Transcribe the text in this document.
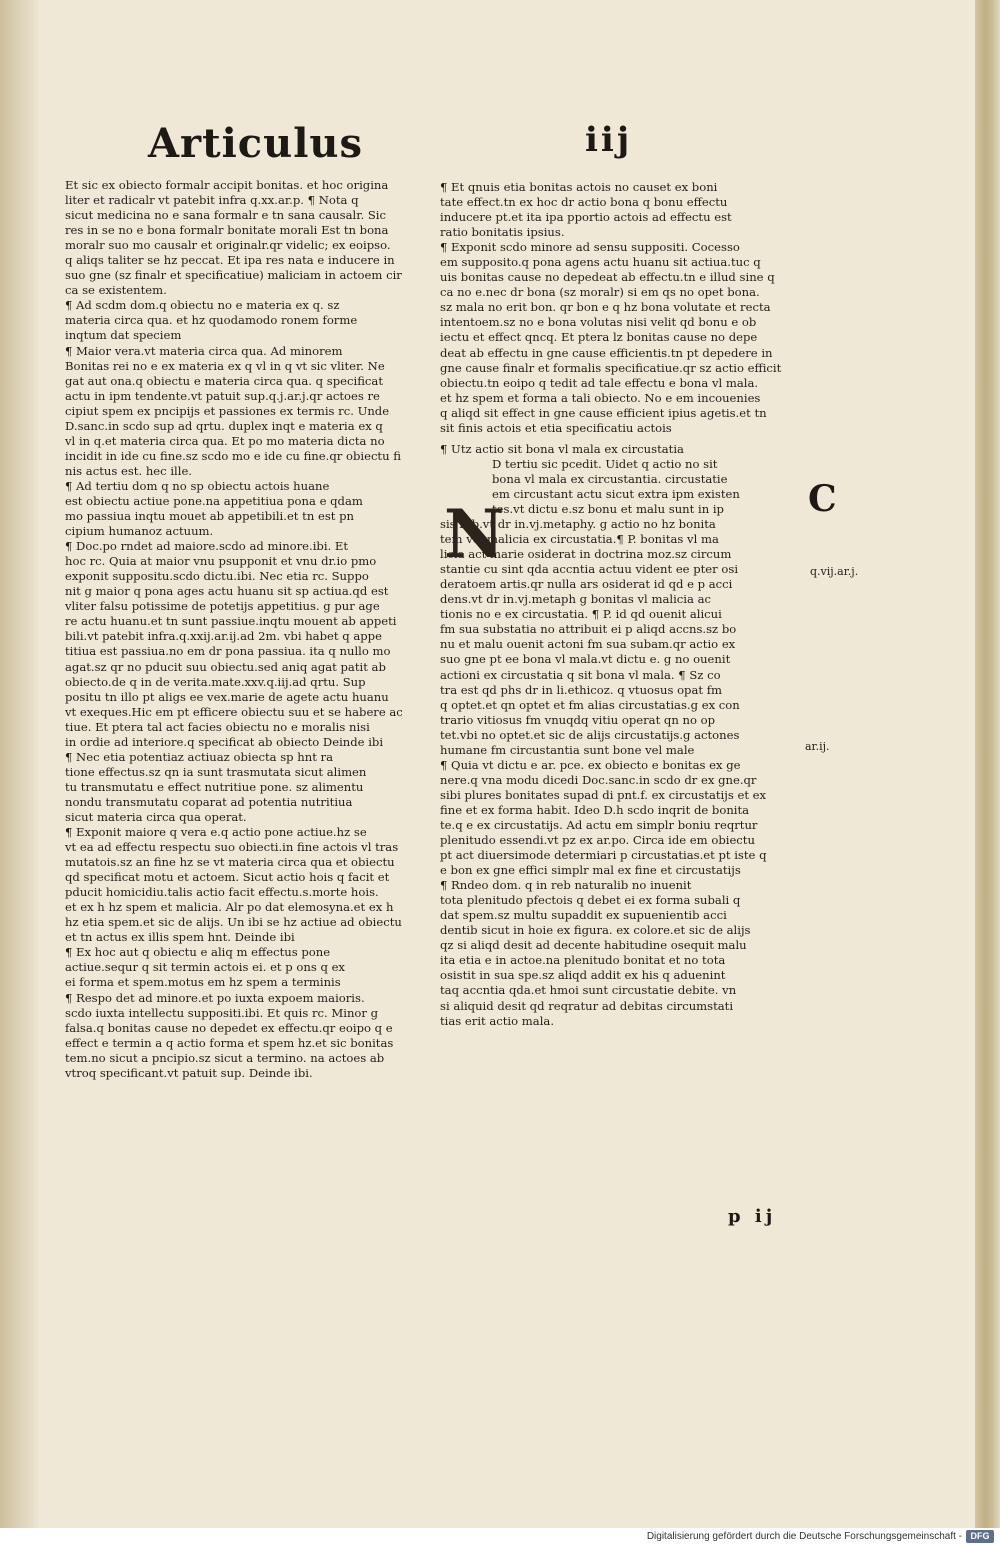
Articulus	iij

Et sic ex obiecto formalr accipit bonitas. et hoc origina

liter et radicalr vt patebit infra q.xx.ar.p. ¶ Nota q

sicut medicina no e sana formalr e tn sana causalr. Sic

res in se no e bona formalr bonitate morali Est tn bona

moralr suo mo causalr et originalr.qr videlic; ex eoipso.

q aliqs taliter se hz peccat. Et ipa res nata e inducere in

suo gne (sz finalr et specificatiue) maliciam in actoem cir

ca se existentem.

¶ Ad scdm dom.q obiectu no e materia ex q. sz

materia circa qua. et hz quodamodo ronem forme

inqtum dat speciem

¶ Maior vera.vt materia circa qua. Ad minorem

Bonitas rei no e ex materia ex q vl in q vt sic vliter. Ne

gat aut ona.q obiectu e materia circa qua. q specificat

actu in ipm tendente.vt patuit sup.q.j.ar.j.qr actoes re

cipiut spem ex pncipijs et passiones ex termis rc. Unde

D.sanc.in scdo sup ad qrtu. duplex inqt e materia ex q

vl in q.et materia circa qua. Et po mo materia dicta no

incidit in ide cu fine.sz scdo mo e ide cu fine.qr obiectu fi

nis actus est. hec ille.

¶ Ad tertiu dom q no sp obiectu actois huane

est obiectu actiue pone.na appetitiua pona e qdam

mo passiua inqtu mouet ab appetibili.et tn est pn

cipium humanoz actuum.

¶ Doc.po rndet ad maiore.scdo ad minore.ibi. Et

hoc rc. Quia at maior vnu psupponit et vnu dr.io pmo

exponit suppositu.scdo dictu.ibi. Nec etia rc. Suppo

nit g maior q pona ages actu huanu sit sp actiua.qd est

vliter falsu potissime de potetijs appetitius. g pur age

re actu huanu.et tn sunt passiue.inqtu mouent ab appeti

bili.vt patebit infra.q.xxij.ar.ij.ad 2m. vbi habet q appe

titiua est passiua.no em dr pona passiua. ita q nullo mo

agat.sz qr no pducit suu obiectu.sed aniq agat patit ab

obiecto.de q in de verita.mate.xxv.q.iij.ad qrtu. Sup

positu tn illo pt aligs ee vex.marie de agete actu huanu

vt exeques.Hic em pt efficere obiectu suu et se habere ac

tiue. Et ptera tal act facies obiectu no e moralis nisi

in ordie ad interiore.q specificat ab obiecto Deinde ibi

¶ Nec etia potentiaz actiuaz obiecta sp hnt ra

tione effectus.sz qn ia sunt trasmutata sicut alimen

tu transmutatu e effect nutritiue pone. sz alimentu

nondu transmutatu coparat ad potentia nutritiua

sicut materia circa qua operat.

¶ Exponit maiore q vera e.q actio pone actiue.hz se

vt ea ad effectu respectu suo obiecti.in fine actois vl tras

mutatois.sz an fine hz se vt materia circa qua et obiectu

qd specificat motu et actoem. Sicut actio hois q facit et

pducit homicidiu.talis actio facit effectu.s.morte hois.

et ex h hz spem et malicia. Alr po dat elemosyna.et ex h

hz etia spem.et sic de alijs. Un ibi se hz actiue ad obiectu

et tn actus ex illis spem hnt. Deinde ibi

¶ Ex hoc aut q obiectu e aliq m effectus pone

actiue.sequr q sit termin actois ei. et p ons q ex

ei forma et spem.motus em hz spem a terminis

¶ Respo det ad minore.et po iuxta expoem maioris.

scdo iuxta intellectu suppositi.ibi. Et quis rc. Minor g

falsa.q bonitas cause no depedet ex effectu.qr eoipo q e

effect e termin a q actio forma et spem hz.et sic bonitas

tem.no sicut a pncipio.sz sicut a termino. na actoes ab

vtroq specificant.vt patuit sup. Deinde ibi.

¶ Et qnuis etia bonitas actois no causet ex boni

tate effect.tn ex hoc dr actio bona q bonu effectu

inducere pt.et ita ipa pportio actois ad effectu est

ratio bonitatis ipsius.

¶ Exponit scdo minore ad sensu suppositi. Cocesso

em supposito.q pona agens actu huanu sit actiua.tuc q

uis bonitas cause no depedeat ab effectu.tn e illud sine q

ca no e.nec dr bona (sz moralr) si em qs no opet bona.

sz mala no erit bon. qr bon e q hz bona volutate et recta

intentoem.sz no e bona volutas nisi velit qd bonu e ob

iectu et effect qncq. Et ptera lz bonitas cause no depe

deat ab effectu in gne cause efficientis.tn pt depedere in

gne cause finalr et formalis specificatiue.qr sz actio efficit

obiectu.tn eoipo q tedit ad tale effectu e bona vl mala.

et hz spem et forma a tali obiecto. No e em incouenies

q aliqd sit effect in gne cause efficient ipius agetis.et tn

sit finis actois et etia specificatiu actois

¶ Utz actio sit bona vl mala ex circustatia

D tertiu sic pcedit. Uidet q actio no sit

bona vl mala ex circustantia. circustatie

em circustant actu sicut extra ipm existen

tes.vt dictu e.sz bonu et malu sunt in ip

sis reb.vt dr in.vj.metaphy. g actio no hz bonita

tem vel malicia ex circustatia.¶ P. bonitas vl ma

licia act marie osiderat in doctrina moz.sz circum

stantie cu sint qda accntia actuu vident ee pter osi

deratoem artis.qr nulla ars osiderat id qd e p acci

dens.vt dr in.vj.metaph g bonitas vl malicia ac

tionis no e ex circustatia. ¶ P. id qd ouenit alicui

fm sua substatia no attribuit ei p aliqd accns.sz bo

nu et malu ouenit actoni fm sua subam.qr actio ex

suo gne pt ee bona vl mala.vt dictu e. g no ouenit

actioni ex circustatia q sit bona vl mala. ¶ Sz co

tra est qd phs dr in li.ethicoz. q vtuosus opat fm

q optet.et qn optet et fm alias circustatias.g ex con

trario vitiosus fm vnuqdq vitiu operat qn no op

tet.vbi no optet.et sic de alijs circustatijs.g actones

humane fm circustantia sunt bone vel male

¶ Quia vt dictu e ar. pce. ex obiecto e bonitas ex ge

nere.q vna modu dicedi Doc.sanc.in scdo dr ex gne.qr

sibi plures bonitates supad di pnt.f. ex circustatijs et ex

fine et ex forma habit. Ideo D.h scdo inqrit de bonita

te.q e ex circustatijs. Ad actu em simplr boniu reqrtur

plenitudo essendi.vt pz ex ar.po. Circa ide em obiectu

pt act diuersimode determiari p circustatias.et pt iste q

e bon ex gne effici simplr mal ex fine et circustatijs

¶ Rndeo dom. q in reb naturalib no inuenit

tota plenitudo pfectois q debet ei ex forma subali q

dat spem.sz multu supaddit ex supuenientib acci

dentib sicut in hoie ex figura. ex colore.et sic de alijs

qz si aliqd desit ad decente habitudine osequit malu

ita etia e in actoe.na plenitudo bonitat et no tota

osistit in sua spe.sz aliqd addit ex his q aduenint

taq accntia qda.et hmoi sunt circustatie debite. vn

si aliquid desit qd reqratur ad debitas circumstati

tias erit actio mala.

N	C
q.vij.ar.j.
ar.ij.
p ij
Digitalisierung gefördert durch die Deutsche Forschungsgemeinschaft - DFG
